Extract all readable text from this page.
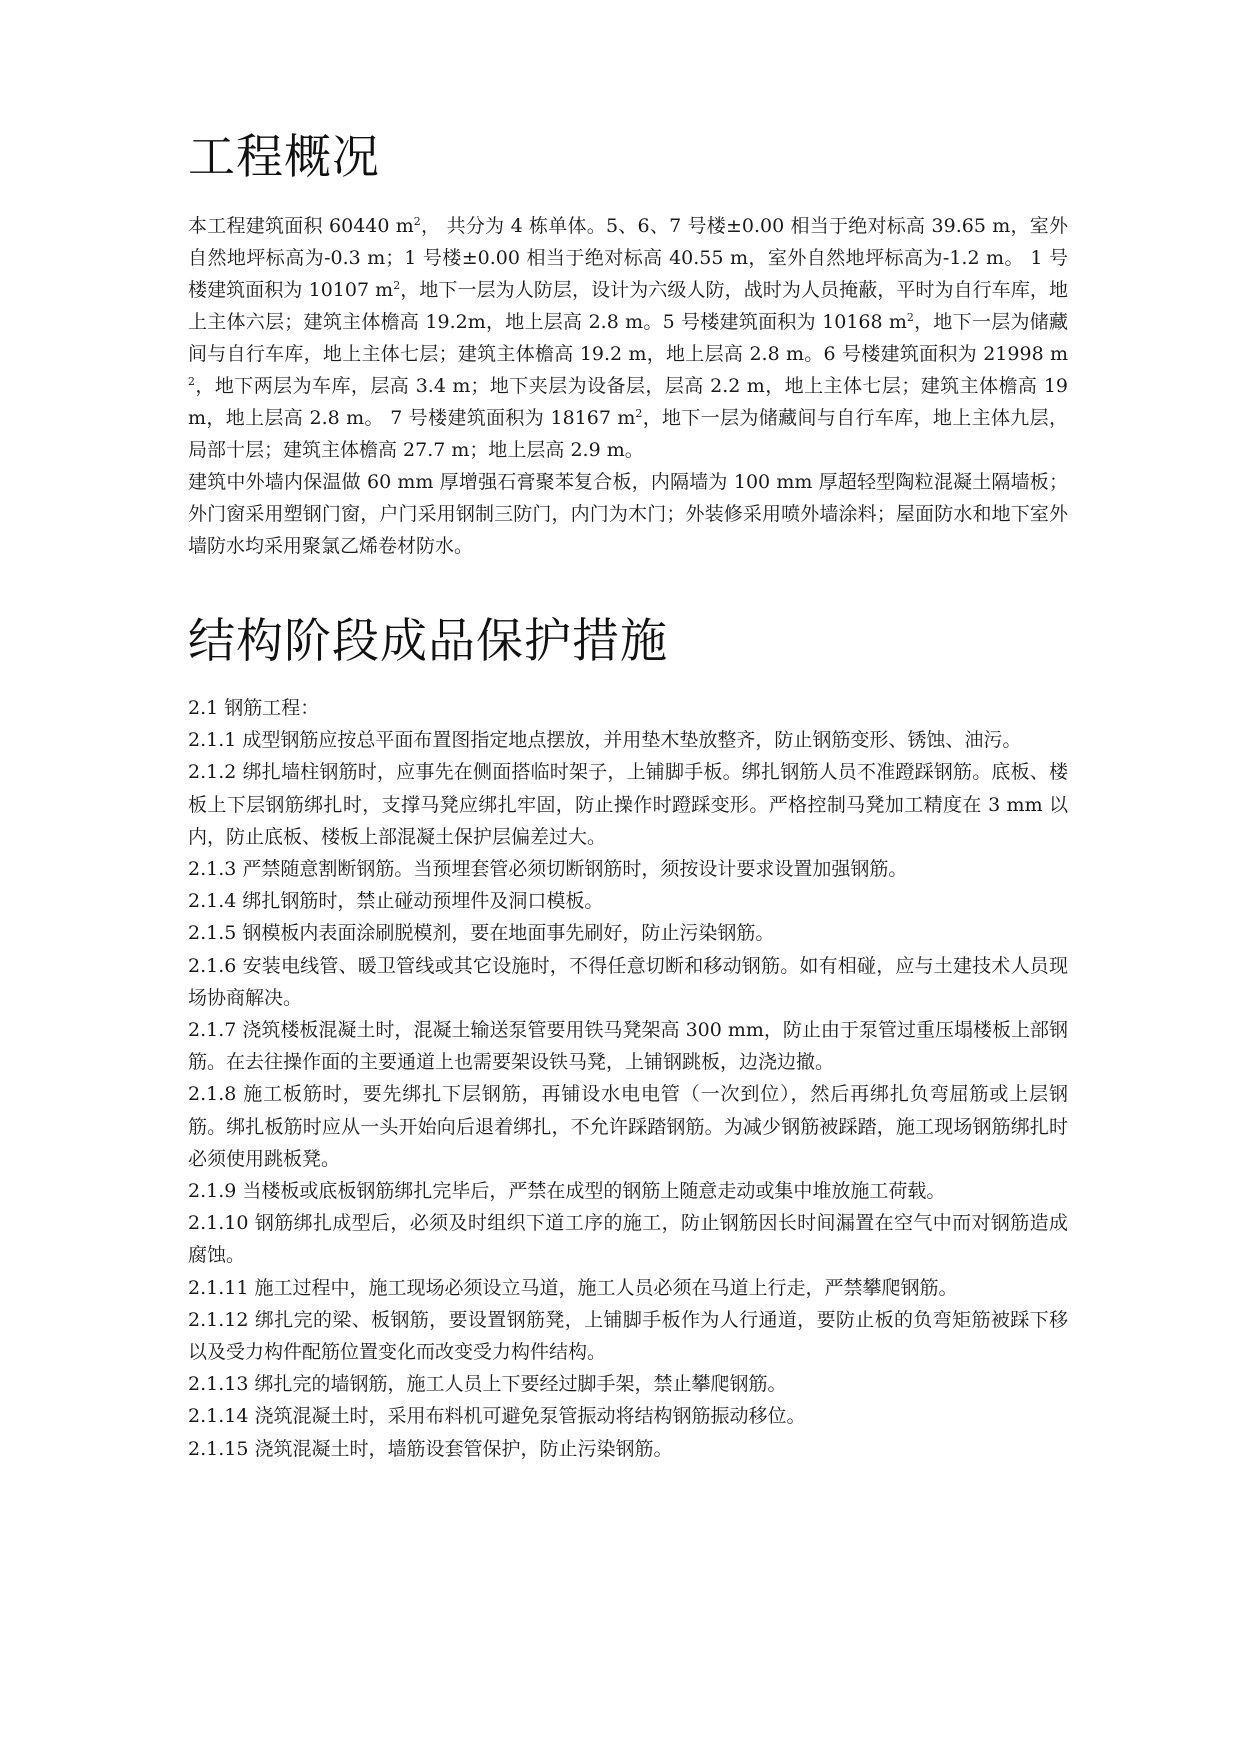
工程概况

本工程建筑面积 60440 $m^2$， 共分为 4 栋单体。5、6、7 号楼±0.00 相当于绝对标高 39.65 m，室外自然地坪标高为-0.3 m；1 号楼±0.00 相当于绝对标高 40.55 m，室外自然地坪标高为-1.2 m。 1 号楼建筑面积为 10107 $m^2$，地下一层为人防层，设计为六级人防，战时为人员掩蔽，平时为自行车库，地上主体六层；建筑主体檐高 19.2m，地上层高 2.8 m。5 号楼建筑面积为 10168 $m^2$，地下一层为储藏间与自行车库，地上主体七层；建筑主体檐高 19.2 m，地上层高 2.8 m。6 号楼建筑面积为 21998 $m^2$，地下两层为车库，层高 3.4 m；地下夹层为设备层，层高 2.2 m，地上主体七层；建筑主体檐高 19 m，地上层高 2.8 m。 7 号楼建筑面积为 18167 $m^2$，地下一层为储藏间与自行车库，地上主体九层，局部十层；建筑主体檐高 27.7 m；地上层高 2.9 m。

建筑中外墙内保温做 60 mm 厚增强石膏聚苯复合板，内隔墙为 100 mm 厚超轻型陶粒混凝土隔墙板；外门窗采用塑钢门窗，户门采用钢制三防门，内门为木门；外装修采用喷外墙涂料；屋面防水和地下室外墙防水均采用聚氯乙烯卷材防水。

结构阶段成品保护措施

2.1 钢筋工程：

2.1.1 成型钢筋应按总平面布置图指定地点摆放，并用垫木垫放整齐，防止钢筋变形、锈蚀、油污。

2.1.2 绑扎墙柱钢筋时，应事先在侧面搭临时架子，上铺脚手板。绑扎钢筋人员不准蹬踩钢筋。底板、楼板上下层钢筋绑扎时，支撑马凳应绑扎牢固，防止操作时蹬踩变形。严格控制马凳加工精度在 3 mm 以内，防止底板、楼板上部混凝土保护层偏差过大。

2.1.3 严禁随意割断钢筋。当预埋套管必须切断钢筋时，须按设计要求设置加强钢筋。

2.1.4 绑扎钢筋时，禁止碰动预埋件及洞口模板。

2.1.5 钢模板内表面涂刷脱模剂，要在地面事先刷好，防止污染钢筋。

2.1.6 安装电线管、暖卫管线或其它设施时，不得任意切断和移动钢筋。如有相碰，应与土建技术人员现场协商解决。

2.1.7 浇筑楼板混凝土时，混凝土输送泵管要用铁马凳架高 300 mm，防止由于泵管过重压塌楼板上部钢筋。在去往操作面的主要通道上也需要架设铁马凳，上铺钢跳板，边浇边撤。

2.1.8 施工板筋时，要先绑扎下层钢筋，再铺设水电电管（一次到位），然后再绑扎负弯屈筋或上层钢筋。绑扎板筋时应从一头开始向后退着绑扎，不允许踩踏钢筋。为减少钢筋被踩踏，施工现场钢筋绑扎时必须使用跳板凳。

2.1.9 当楼板或底板钢筋绑扎完毕后，严禁在成型的钢筋上随意走动或集中堆放施工荷载。

2.1.10 钢筋绑扎成型后，必须及时组织下道工序的施工，防止钢筋因长时间漏置在空气中而对钢筋造成腐蚀。

2.1.11 施工过程中，施工现场必须设立马道，施工人员必须在马道上行走，严禁攀爬钢筋。

2.1.12 绑扎完的梁、板钢筋，要设置钢筋凳，上铺脚手板作为人行通道，要防止板的负弯矩筋被踩下移以及受力构件配筋位置变化而改变受力构件结构。

2.1.13 绑扎完的墙钢筋，施工人员上下要经过脚手架，禁止攀爬钢筋。

2.1.14 浇筑混凝土时，采用布料机可避免泵管振动将结构钢筋振动移位。

2.1.15 浇筑混凝土时，墙筋设套管保护，防止污染钢筋。
